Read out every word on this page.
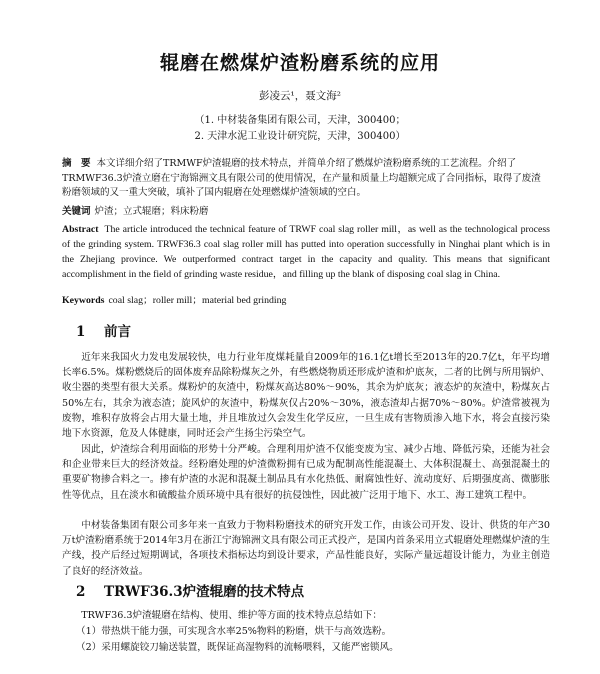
辊磨在燃煤炉渣粉磨系统的应用
彭凌云¹，聂文海²
（1. 中材装备集团有限公司，天津，300400；
2. 天津水泥工业设计研究院，天津，300400）
摘　要 本文详细介绍了TRMWF炉渣辊磨的技术特点，并简单介绍了燃煤炉渣粉磨系统的工艺流程。介绍了TRMWF36.3炉渣立磨在宁海锦洲文具有限公司的使用情况，在产量和质量上均超额完成了合同指标，取得了废渣粉磨领域的又一重大突破，填补了国内辊磨在处理燃煤炉渣领域的空白。
关键词 炉渣；立式辊磨；料床粉磨
Abstract The article introduced the technical feature of TRWF coal slag roller mill，as well as the technological process of the grinding system. TRWF36.3 coal slag roller mill has putted into operation successfully in Ninghai plant which is in the Zhejiang province. We outperformed contract target in the capacity and quality. This means that significant accomplishment in the field of grinding waste residue，and filling up the blank of disposing coal slag in China.
Keywords coal slag；roller mill；material bed grinding
1 前言
近年来我国火力发电发展较快，电力行业年度煤耗量自2009年的16.1亿t增长至2013年的20.7亿t，年平均增长率6.5%。煤粉燃烧后的固体废弃品除粉煤灰之外，有些燃烧物质还形成炉渣和炉底灰，二者的比例与所用锅炉、收尘器的类型有很大关系。煤粉炉的灰渣中，粉煤灰高达80%～90%，其余为炉底灰；液态炉的灰渣中，粉煤灰占50%左右，其余为液态渣；旋风炉的灰渣中，粉煤灰仅占20%～30%，液态渣却占据70%～80%。炉渣常被视为废物，堆积存放将会占用大量土地，并且堆放过久会发生化学反应，一旦生成有害物质渗入地下水，将会直接污染地下水资源，危及人体健康，同时还会产生扬尘污染空气。
因此，炉渣综合利用面临的形势十分严峻。合理利用炉渣不仅能变废为宝、减少占地、降低污染，还能为社会和企业带来巨大的经济效益。经粉磨处理的炉渣微粉拥有已成为配制高性能混凝土、大体积混凝土、高强混凝土的重要矿物掺合料之一。掺有炉渣的水泥和混凝土制品具有水化热低、耐腐蚀性好、流动度好、后期强度高、微膨胀性等优点，且在淡水和硫酸盐介质环境中具有很好的抗侵蚀性，因此被广泛用于地下、水工、海工建筑工程中。
中材装备集团有限公司多年来一直致力于物料粉磨技术的研究开发工作，由该公司开发、设计、供货的年产30万t炉渣粉磨系统于2014年3月在浙江宁海锦洲文具有限公司正式投产，是国内首条采用立式辊磨处理燃煤炉渣的生产线，投产后经过短期调试，各项技术指标达均到设计要求，产品性能良好，实际产量远超设计能力，为业主创造了良好的经济效益。
2 TRWF36.3炉渣辊磨的技术特点
TRWF36.3炉渣辊磨在结构、使用、维护等方面的技术特点总结如下：
（1）带热烘干能力强，可实现含水率25%物料的粉磨，烘干与高效选粉。
（2）采用螺旋铰刀输送装置，既保证高湿物料的流畅喂料，又能严密锁风。
